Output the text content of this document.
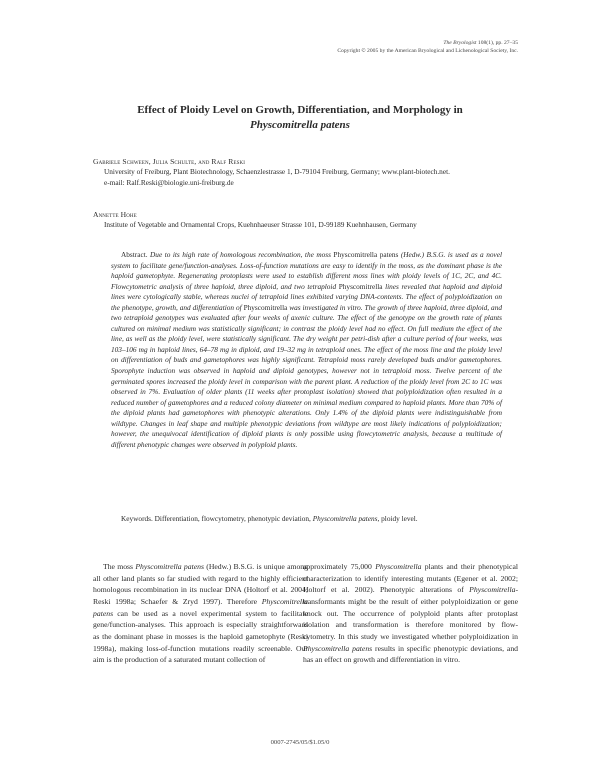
The Bryologist 108(1), pp. 27–35
Copyright © 2005 by the American Bryological and Lichenological Society, Inc.
Effect of Ploidy Level on Growth, Differentiation, and Morphology in
Physcomitrella patens
Gabriele Schween, Julia Schulte, and Ralf Reski
University of Freiburg, Plant Biotechnology, Schaenzlestrasse 1, D-79104 Freiburg, Germany; www.plant-biotech.net.
e-mail: Ralf.Reski@biologie.uni-freiburg.de
Annette Hohe
Institute of Vegetable and Ornamental Crops, Kuehnhaeuser Strasse 101, D-99189 Kuehnhausen, Germany
Abstract. Due to its high rate of homologous recombination, the moss Physcomitrella patens (Hedw.) B.S.G. is used as a novel system to facilitate gene/function-analyses. Loss-of-function mutations are easy to identify in the moss, as the dominant phase is the haploid gametophyte. Regenerating protoplasts were used to establish different moss lines with ploidy levels of 1C, 2C, and 4C. Flowcytometric analysis of three haploid, three diploid, and two tetraploid Physcomitrella lines revealed that haploid and diploid lines were cytologically stable, whereas nuclei of tetraploid lines exhibited varying DNA-contents. The effect of polyploidization on the phenotype, growth, and differentiation of Physcomitrella was investigated in vitro. The growth of three haploid, three diploid, and two tetraploid genotypes was evaluated after four weeks of axenic culture. The effect of the genotype on the growth rate of plants cultured on minimal medium was statistically significant; in contrast the ploidy level had no effect. On full medium the effect of the line, as well as the ploidy level, were statistically significant. The dry weight per petri-dish after a culture period of four weeks, was 103–106 mg in haploid lines, 64–78 mg in diploid, and 19–32 mg in tetraploid ones. The effect of the moss line and the ploidy level on differentiation of buds and gametophores was highly significant. Tetraploid moss rarely developed buds and/or gametophores. Sporophyte induction was observed in haploid and diploid genotypes, however not in tetraploid moss. Twelve percent of the germinated spores increased the ploidy level in comparison with the parent plant. A reduction of the ploidy level from 2C to 1C was observed in 7%. Evaluation of older plants (11 weeks after protoplast isolation) showed that polyploidization often resulted in a reduced number of gametophores and a reduced colony diameter on minimal medium compared to haploid plants. More than 70% of the diploid plants had gametophores with phenotypic alterations. Only 1.4% of the diploid plants were indistinguishable from wildtype. Changes in leaf shape and multiple phenotypic deviations from wildtype are most likely indications of polyploidization; however, the unequivocal identification of diploid plants is only possible using flowcytometric analysis, because a multitude of different phenotypic changes were observed in polyploid plants.
Keywords. Differentiation, flowcytometry, phenotypic deviation, Physcomitrella patens, ploidy level.
The moss Physcomitrella patens (Hedw.) B.S.G. is unique among all other land plants so far studied with regard to the highly efficient homologous recombination in its nuclear DNA (Holtorf et al. 2004; Reski 1998a; Schaefer & Zryd 1997). Therefore Physcomitrella patens can be used as a novel experimental system to facilitate gene/function-analyses. This approach is especially straightforward as the dominant phase in mosses is the haploid gametophyte (Reski 1998a), making loss-of-function mutations readily screenable. Our aim is the production of a saturated mutant collection of
approximately 75,000 Physcomitrella plants and their phenotypical characterization to identify interesting mutants (Egener et al. 2002; Holtorf et al. 2002). Phenotypic alterations of Physcomitrella-transformants might be the result of either polyploidization or gene knock out. The occurrence of polyploid plants after protoplast isolation and transformation is therefore monitored by flow-cytometry. In this study we investigated whether polyploidization in Physcomitrella patens results in specific phenotypic deviations, and has an effect on growth and differentiation in vitro.
0007-2745/05/$1.05/0
